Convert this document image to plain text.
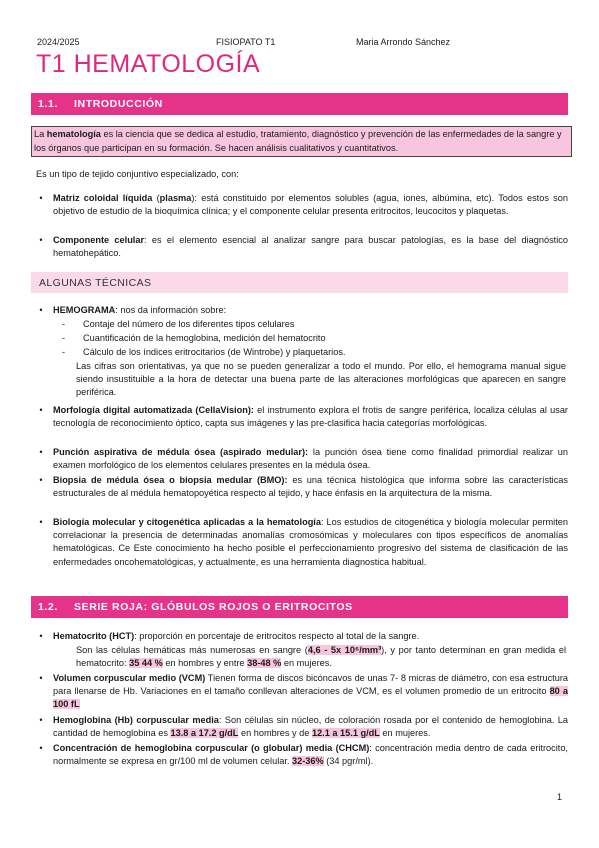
2024/2025	FISIOPATO T1	Maria Arrondo Sánchez
T1 HEMATOLOGÍA
1.1.	INTRODUCCIÓN
La hematología es la ciencia que se dedica al estudio, tratamiento, diagnóstico y prevención de las enfermedades de la sangre y los órganos que participan en su formación. Se hacen análisis cualitativos y cuantitativos.
Es un tipo de tejido conjuntivo especializado, con:
•	Matriz coloidal líquida (plasma): está constituido por elementos solubles (agua, iones, albúmina, etc). Todos estos son objetivo de estudio de la bioquímica clínica; y el componente celular presenta eritrocitos, leucocitos y plaquetas.
•	Componente celular: es el elemento esencial al analizar sangre para buscar patologías, es la base del diagnóstico hematohepático.
ALGUNAS TÉCNICAS
•	HEMOGRAMA: nos da información sobre:
- Contaje del número de los diferentes tipos celulares
- Cuantificación de la hemoglobina, medición del hematocrito
- Cálculo de los índices eritrocitarios (de Wintrobe) y plaquetarios.
Las cifras son orientativas, ya que no se pueden generalizar a todo el mundo. Por ello, el hemograma manual sigue siendo insustituible a la hora de detectar una buena parte de las alteraciones morfológicas que aparecen en sangre periférica.
•	Morfología digital automatizada (CellaVision): el instrumento explora el frotis de sangre periférica, localiza células al usar tecnología de reconocimiento óptico, capta sus imágenes y las pre-clasifica hacia categorías morfológicas.
•	Punción aspirativa de médula ósea (aspirado medular): la punción ósea tiene como finalidad primordial realizar un examen morfológico de los elementos celulares presentes en la médula ósea.
•	Biopsia de médula ósea o biopsia medular (BMO): es una técnica histológica que informa sobre las características estructurales de al médula hematopoyética respecto al tejido, y hace énfasis en la arquitectura de la misma.
•	Biología molecular y citogenética aplicadas a la hematología: Los estudios de citogenética y biología molecular permiten correlacionar la presencia de determinadas anomalías cromosómicas y moleculares con tipos específicos de anomalías hematológicas. Ce Este conocimiento ha hecho posible el perfeccionamiento progresivo del sistema de clasificación de las enfermedades oncohematológicas, y actualmente, es una herramienta diagnostica habitual.
1.2.	SERIE ROJA: GLÓBULOS ROJOS O ERITROCITOS
•	Hematocrito (HCT): proporción en porcentaje de eritrocitos respecto al total de la sangre.
Son las células hemáticas más numerosas en sangre (4,6 - 5x 10⁶/mm³), y por tanto determinan en gran medida el hematocrito: 35 44 % en hombres y entre 38-48 % en mujeres.
•	Volumen corpuscular medio (VCM) Tienen forma de discos bicóncavos de unas 7- 8 micras de diámetro, con esa estructura para llenarse de Hb. Variaciones en el tamaño conllevan alteraciones de VCM, es el volumen promedio de un eritrocito 80 a 100 fL
•	Hemoglobina (Hb) corpuscular media: Son células sin núcleo, de coloración rosada por el contenido de hemoglobina. La cantidad de hemoglobina es 13.8 a 17.2 g/dL en hombres y de 12.1 a 15.1 g/dL en mujeres.
•	Concentración de hemoglobina corpuscular (o globular) media (CHCM): concentración media dentro de cada eritrocito, normalmente se expresa en gr/100 ml de volumen celular. 32-36% (34 pgr/ml).
1
